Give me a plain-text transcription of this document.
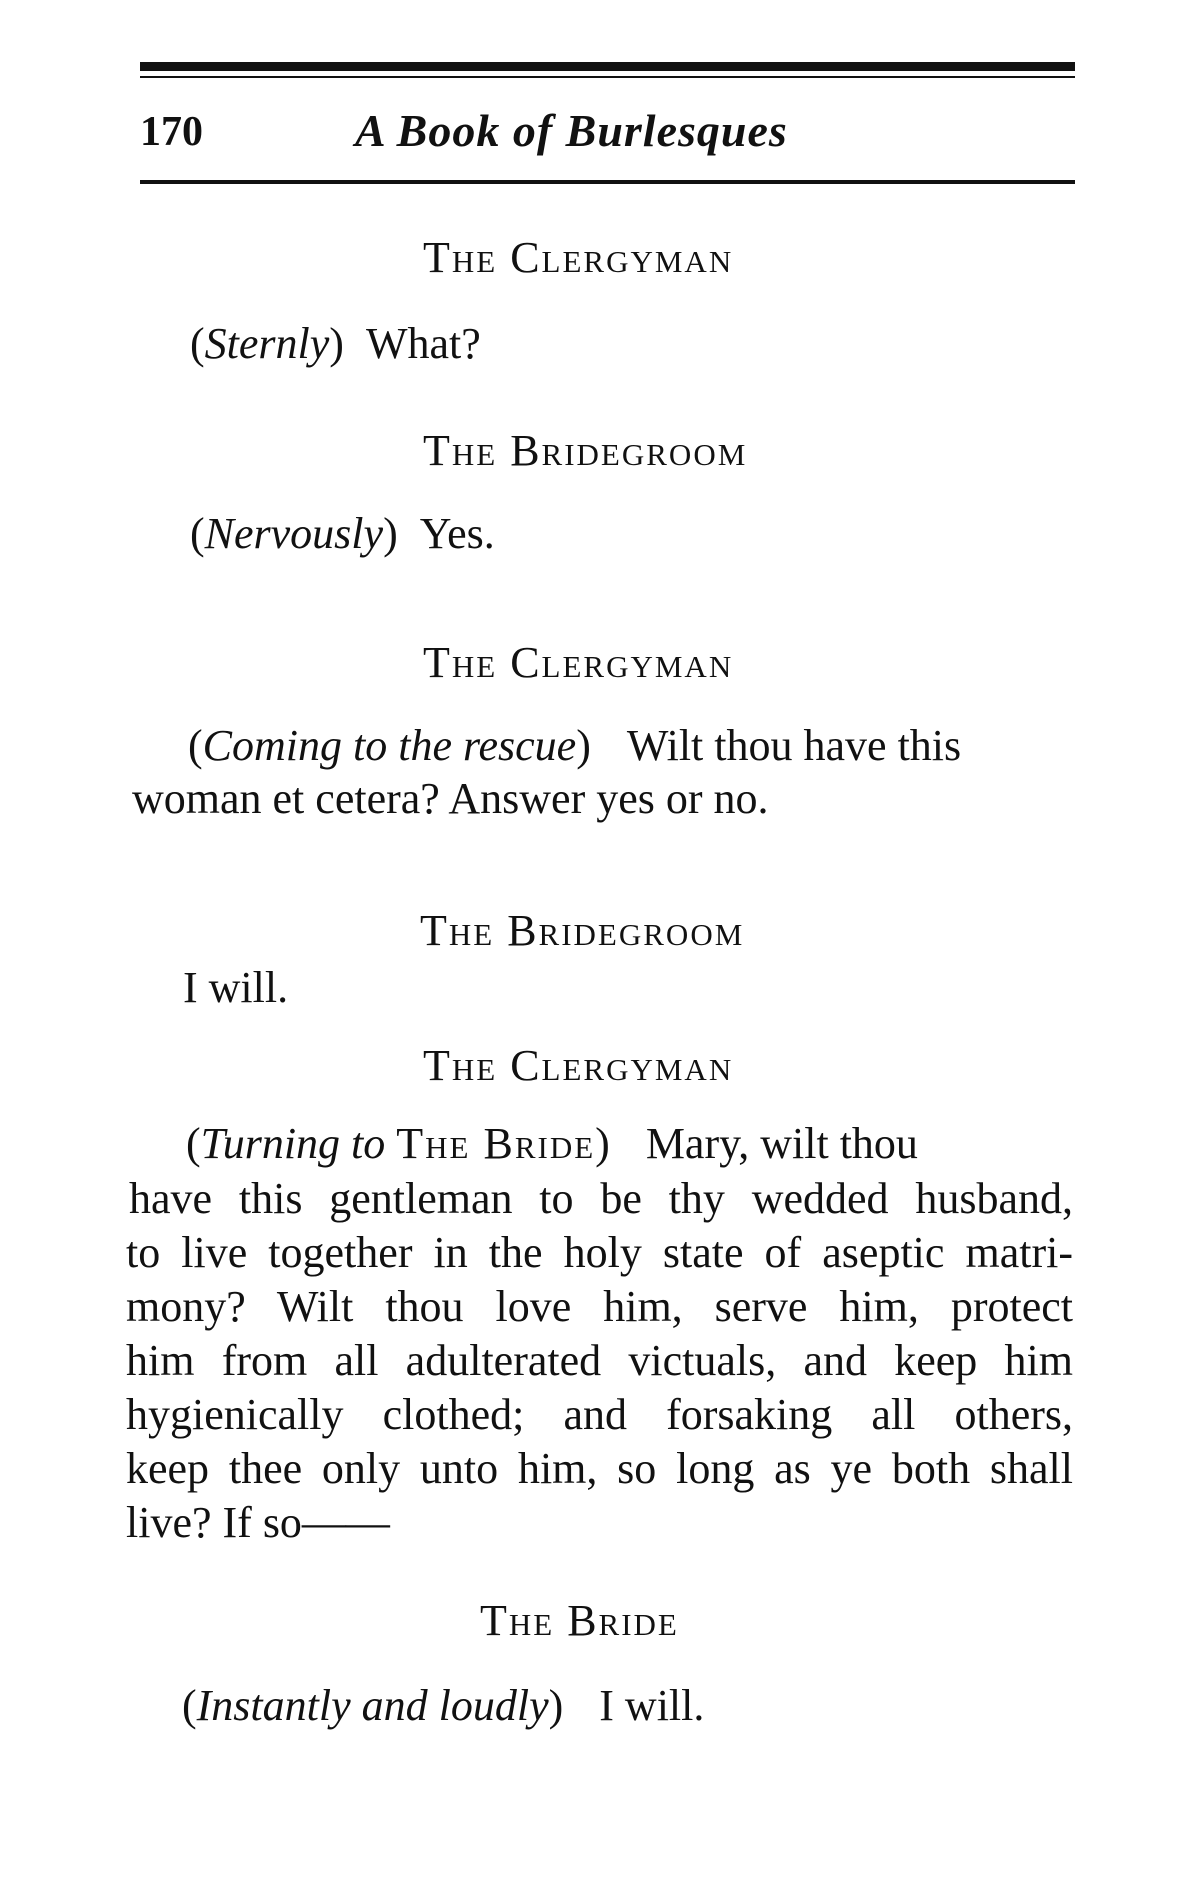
170	A Book of Burlesques
The Clergyman
(Sternly) What?
The Bridegroom
(Nervously) Yes.
The Clergyman
(Coming to the rescue) Wilt thou have this
woman et cetera? Answer yes or no.
The Bridegroom
I will.
The Clergyman
(Turning to The Bride) Mary, wilt thou
have this gentleman to be thy wedded husband,
to live together in the holy state of aseptic matri-
mony? Wilt thou love him, serve him, protect
him from all adulterated victuals, and keep him
hygienically clothed; and forsaking all others,
keep thee only unto him, so long as ye both shall
live? If so——
The Bride
(Instantly and loudly) I will.
